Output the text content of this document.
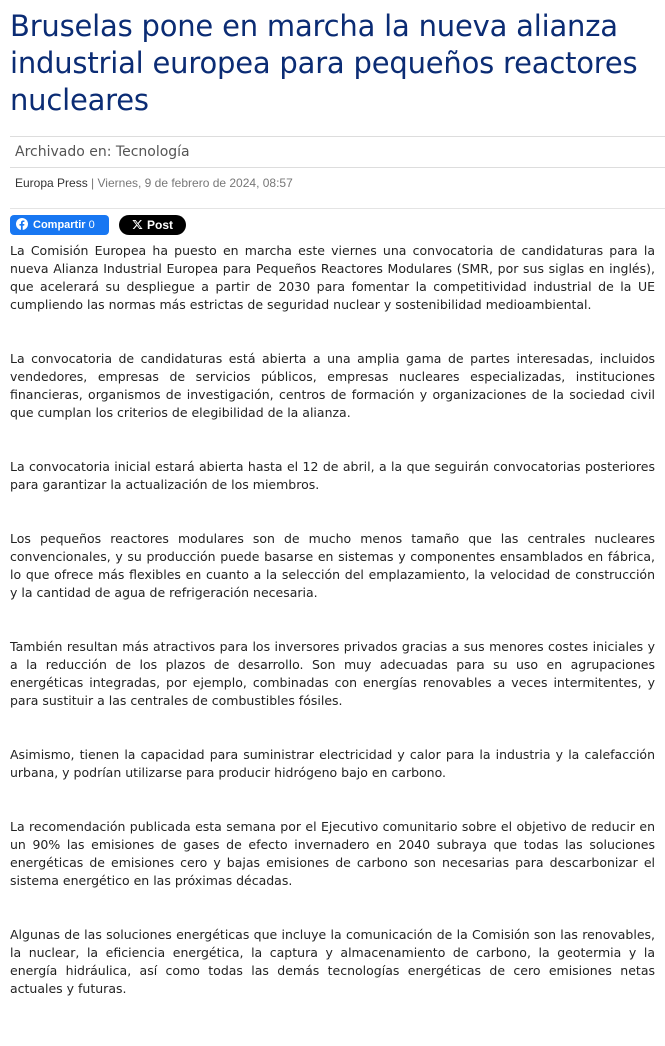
Bruselas pone en marcha la nueva alianza industrial europea para pequeños reactores nucleares
Archivado en: Tecnología
Europa Press | Viernes, 9 de febrero de 2024, 08:57
Compartir 0	Post

La Comisión Europea ha puesto en marcha este viernes una convocatoria de candidaturas para la nueva Alianza Industrial Europea para Pequeños Reactores Modulares (SMR, por sus siglas en inglés), que acelerará su despliegue a partir de 2030 para fomentar la competitividad industrial de la UE cumpliendo las normas más estrictas de seguridad nuclear y sostenibilidad medioambiental.

La convocatoria de candidaturas está abierta a una amplia gama de partes interesadas, incluidos vendedores, empresas de servicios públicos, empresas nucleares especializadas, instituciones financieras, organismos de investigación, centros de formación y organizaciones de la sociedad civil que cumplan los criterios de elegibilidad de la alianza.

La convocatoria inicial estará abierta hasta el 12 de abril, a la que seguirán convocatorias posteriores para garantizar la actualización de los miembros.

Los pequeños reactores modulares son de mucho menos tamaño que las centrales nucleares convencionales, y su producción puede basarse en sistemas y componentes ensamblados en fábrica, lo que ofrece más flexibles en cuanto a la selección del emplazamiento, la velocidad de construcción y la cantidad de agua de refrigeración necesaria.

También resultan más atractivos para los inversores privados gracias a sus menores costes iniciales y a la reducción de los plazos de desarrollo. Son muy adecuadas para su uso en agrupaciones energéticas integradas, por ejemplo, combinadas con energías renovables a veces intermitentes, y para sustituir a las centrales de combustibles fósiles.

Asimismo, tienen la capacidad para suministrar electricidad y calor para la industria y la calefacción urbana, y podrían utilizarse para producir hidrógeno bajo en carbono.

La recomendación publicada esta semana por el Ejecutivo comunitario sobre el objetivo de reducir en un 90% las emisiones de gases de efecto invernadero en 2040 subraya que todas las soluciones energéticas de emisiones cero y bajas emisiones de carbono son necesarias para descarbonizar el sistema energético en las próximas décadas.

Algunas de las soluciones energéticas que incluye la comunicación de la Comisión son las renovables, la nuclear, la eficiencia energética, la captura y almacenamiento de carbono, la geotermia y la energía hidráulica, así como todas las demás tecnologías energéticas de cero emisiones netas actuales y futuras.
